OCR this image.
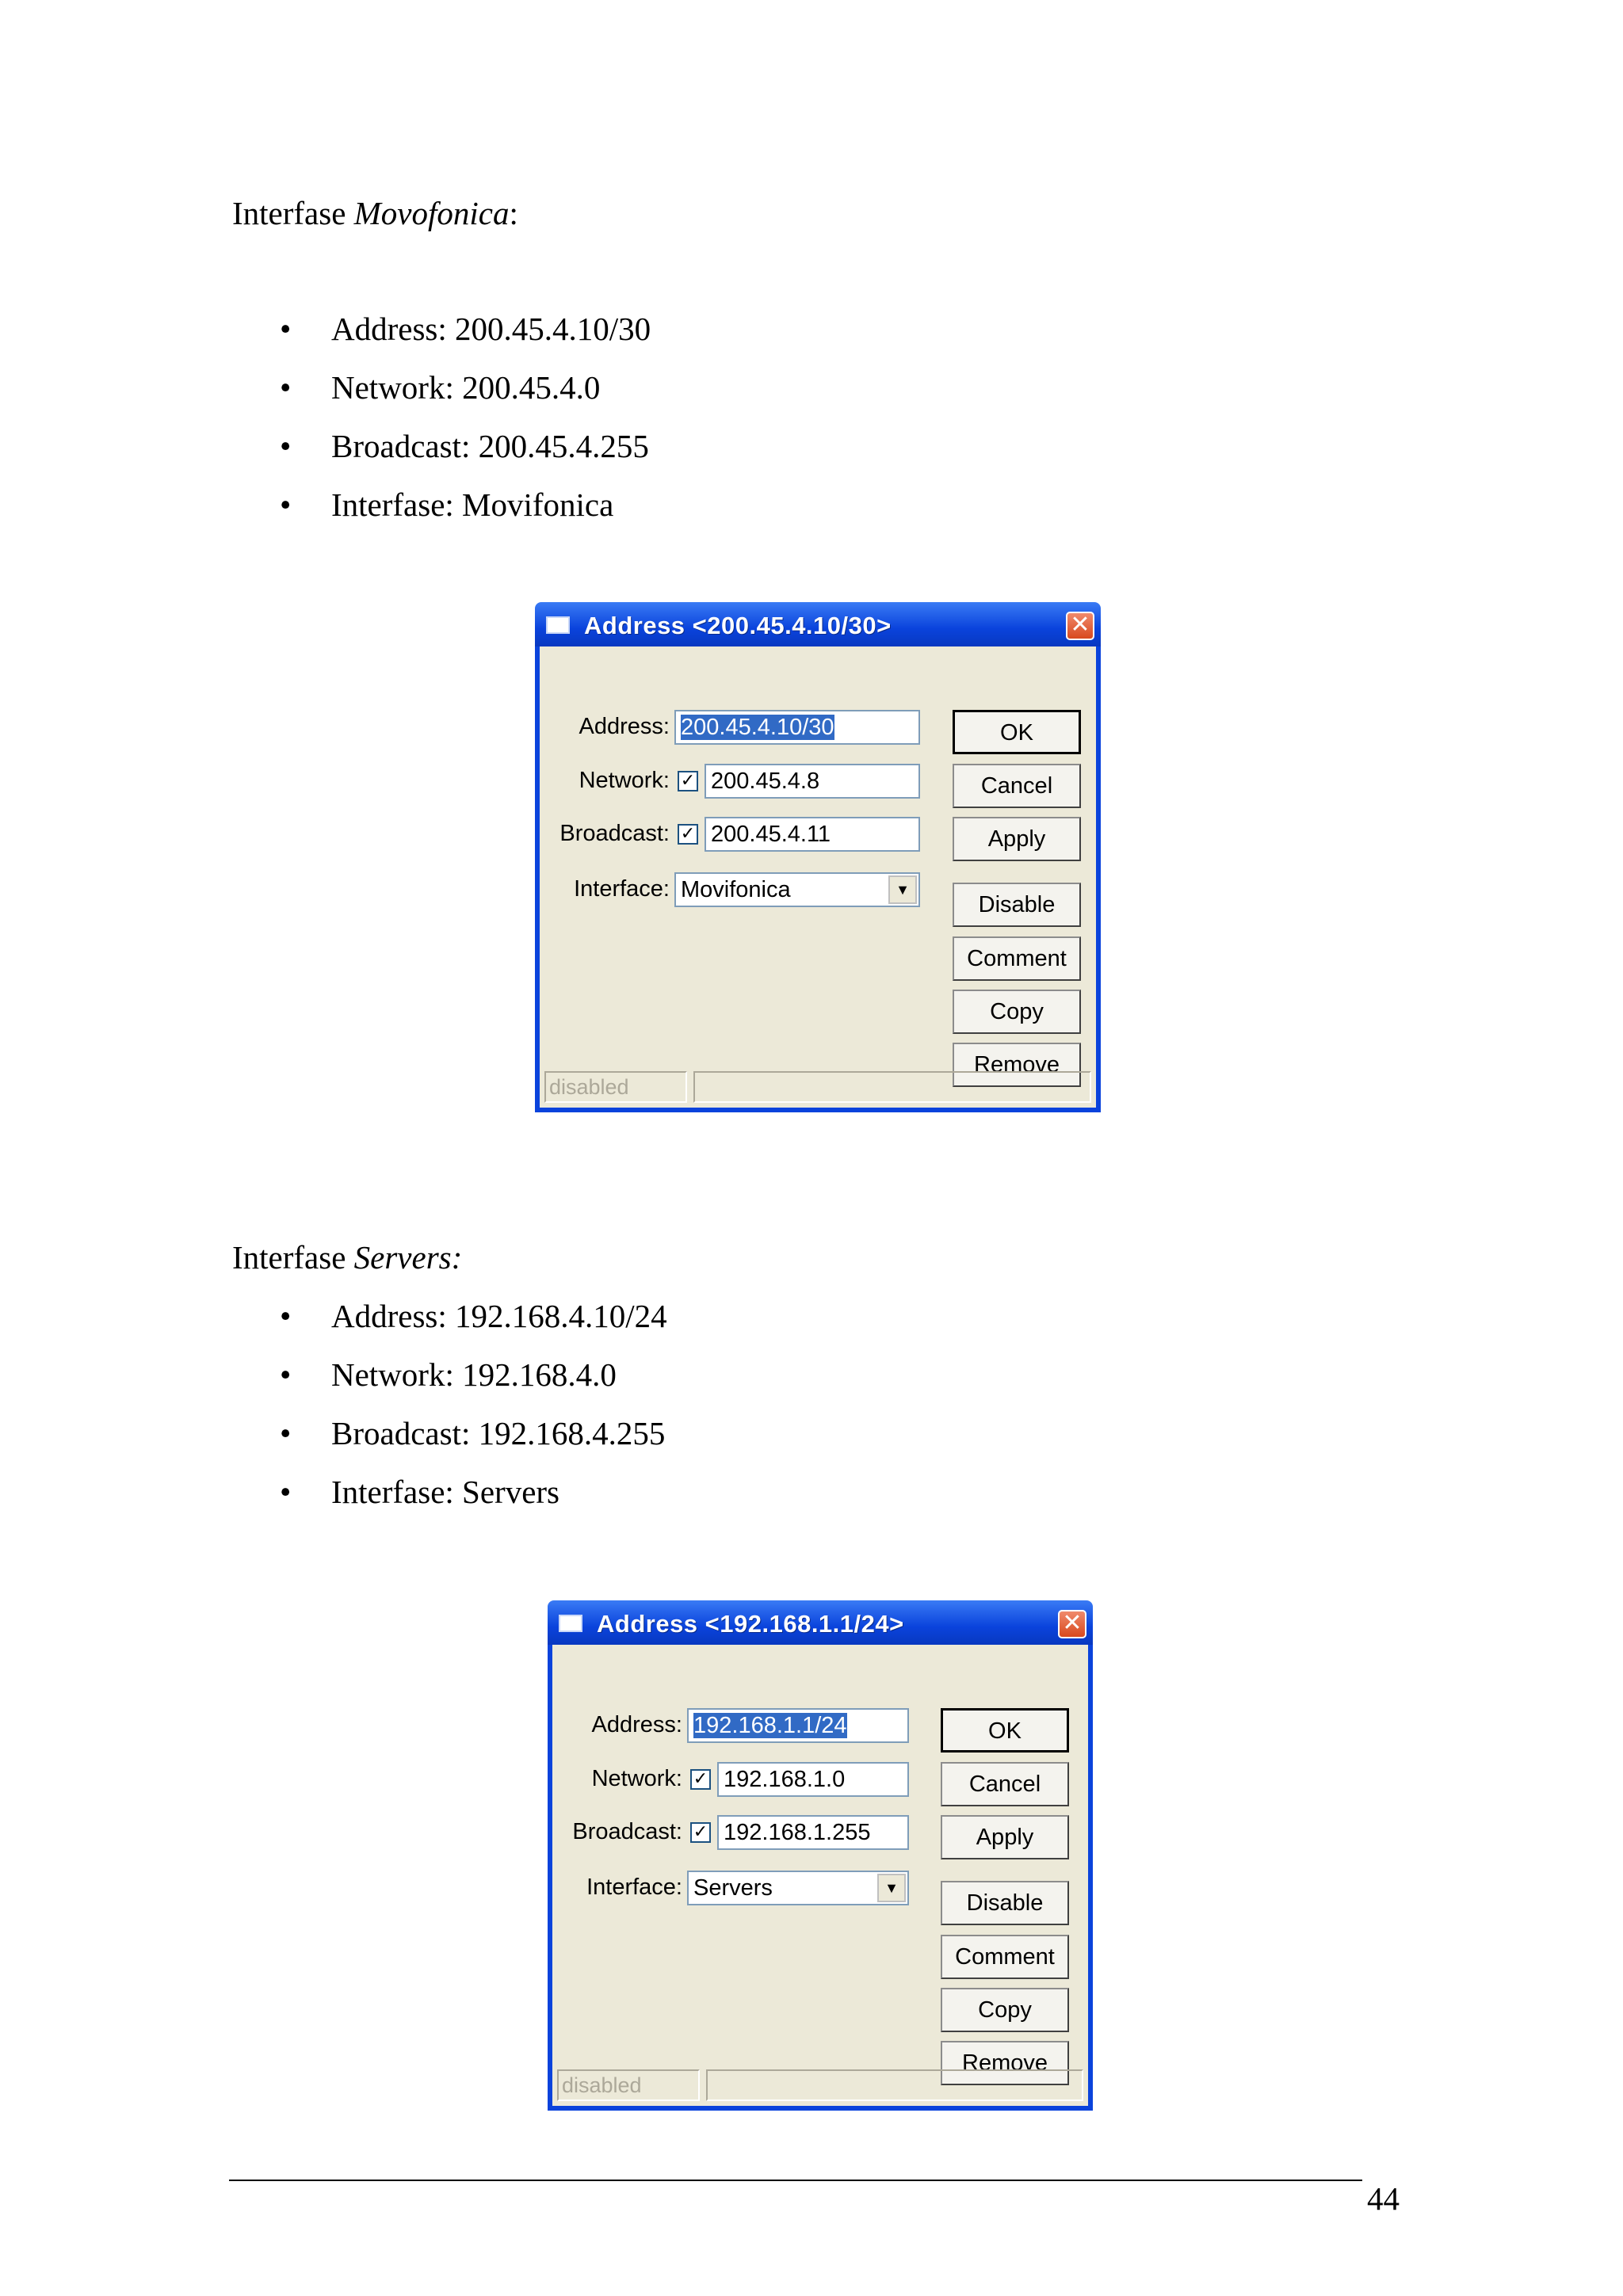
Interfase Movofonica:
• Address: 200.45.4.10/30
• Network: 200.45.4.0
• Broadcast: 200.45.4.255
• Interfase: Movifonica
Address <200.45.4.10/30>	✕
Address: 200.45.4.10/30
Network: ✓ 200.45.4.8
Broadcast: ✓ 200.45.4.11
Interface: Movifonica	▼
OK
Cancel
Apply
Disable
Comment
Copy
Remove
disabled
Interfase Servers:
• Address: 192.168.4.10/24
• Network: 192.168.4.0
• Broadcast: 192.168.4.255
• Interfase: Servers
Address <192.168.1.1/24>	✕
Address: 192.168.1.1/24
Network: ✓ 192.168.1.0
Broadcast: ✓ 192.168.1.255
Interface: Servers	▼
OK
Cancel
Apply
Disable
Comment
Copy
Remove
disabled
44
